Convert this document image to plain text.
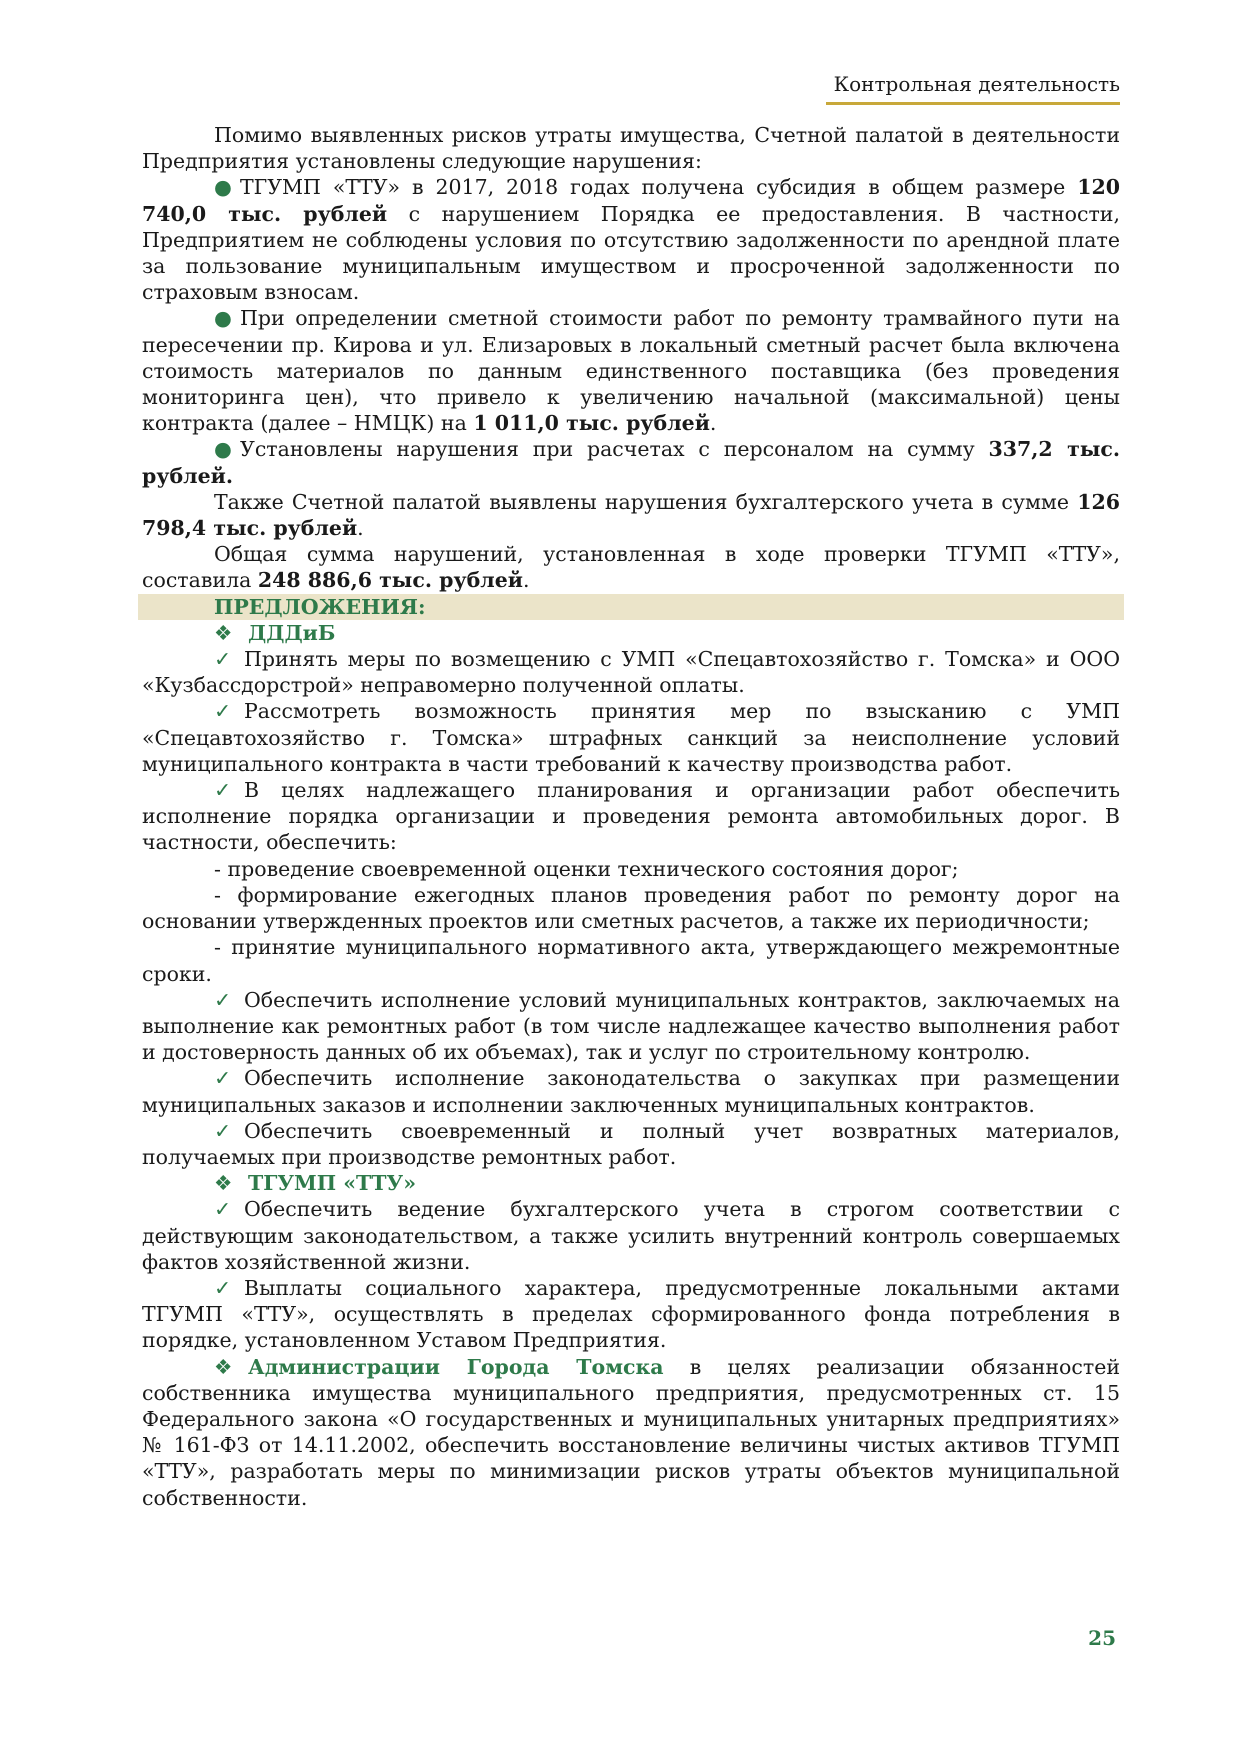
Контрольная деятельность

Помимо выявленных рисков утраты имущества, Счетной палатой в деятельности Предприятия установлены следующие нарушения:

● ТГУМП «ТТУ» в 2017, 2018 годах получена субсидия в общем размере 120 740,0 тыс. рублей с нарушением Порядка ее предоставления. В частности, Предприятием не соблюдены условия по отсутствию задолженности по арендной плате за пользование муниципальным имуществом и просроченной задолженности по страховым взносам.

● При определении сметной стоимости работ по ремонту трамвайного пути на пересечении пр. Кирова и ул. Елизаровых в локальный сметный расчет была включена стоимость материалов по данным единственного поставщика (без проведения мониторинга цен), что привело к увеличению начальной (максимальной) цены контракта (далее – НМЦК) на 1 011,0 тыс. рублей.

● Установлены нарушения при расчетах с персоналом на сумму 337,2 тыс. рублей.

Также Счетной палатой выявлены нарушения бухгалтерского учета в сумме 126 798,4 тыс. рублей.

Общая сумма нарушений, установленная в ходе проверки ТГУМП «ТТУ», составила 248 886,6 тыс. рублей.

ПРЕДЛОЖЕНИЯ:

❖ ДДДиБ

✓ Принять меры по возмещению с УМП «Спецавтохозяйство г. Томска» и ООО «Кузбассдорстрой» неправомерно полученной оплаты.

✓ Рассмотреть возможность принятия мер по взысканию с УМП «Спецавтохозяйство г. Томска» штрафных санкций за неисполнение условий муниципального контракта в части требований к качеству производства работ.

✓ В целях надлежащего планирования и организации работ обеспечить исполнение порядка организации и проведения ремонта автомобильных дорог. В частности, обеспечить:

- проведение своевременной оценки технического состояния дорог;

- формирование ежегодных планов проведения работ по ремонту дорог на основании утвержденных проектов или сметных расчетов, а также их периодичности;

- принятие муниципального нормативного акта, утверждающего межремонтные сроки.

✓ Обеспечить исполнение условий муниципальных контрактов, заключаемых на выполнение как ремонтных работ (в том числе надлежащее качество выполнения работ и достоверность данных об их объемах), так и услуг по строительному контролю.

✓ Обеспечить исполнение законодательства о закупках при размещении муниципальных заказов и исполнении заключенных муниципальных контрактов.

✓ Обеспечить своевременный и полный учет возвратных материалов, получаемых при производстве ремонтных работ.

❖ ТГУМП «ТТУ»

✓ Обеспечить ведение бухгалтерского учета в строгом соответствии с действующим законодательством, а также усилить внутренний контроль совершаемых фактов хозяйственной жизни.

✓ Выплаты социального характера, предусмотренные локальными актами ТГУМП «ТТУ», осуществлять в пределах сформированного фонда потребления в порядке, установленном Уставом Предприятия.

❖ Администрации Города Томска в целях реализации обязанностей собственника имущества муниципального предприятия, предусмотренных ст. 15 Федерального закона «О государственных и муниципальных унитарных предприятиях» № 161-ФЗ от 14.11.2002, обеспечить восстановление величины чистых активов ТГУМП «ТТУ», разработать меры по минимизации рисков утраты объектов муниципальной собственности.

25
